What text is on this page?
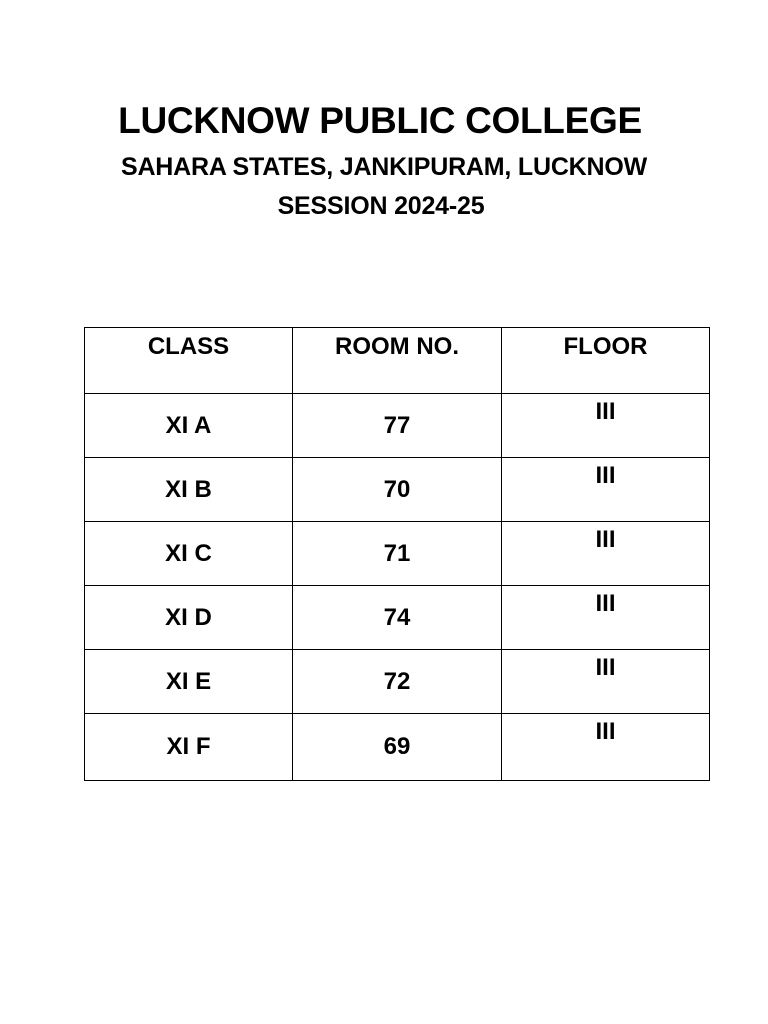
LUCKNOW PUBLIC COLLEGE
SAHARA STATES, JANKIPURAM, LUCKNOW
SESSION 2024-25
CLASS	ROOM NO.	FLOOR
XI A	77	III
XI B	70	III
XI C	71	III
XI D	74	III
XI E	72	III
XI F	69	III
